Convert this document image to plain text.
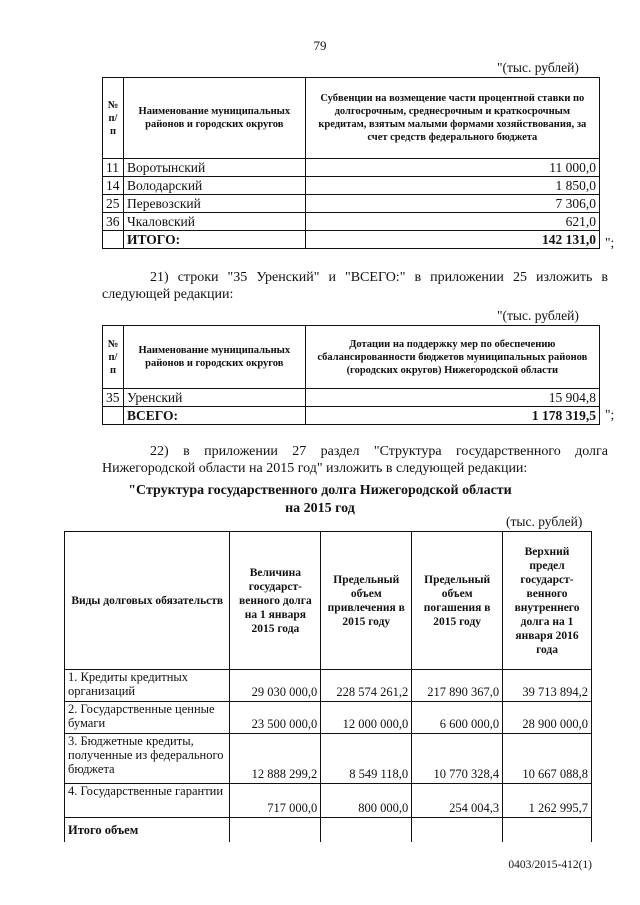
79
"(тыс. рублей)
№ п/п	Наименование муниципальных районов и городских округов	Субвенции на возмещение части процентной ставки по долгосрочным, среднесрочным и краткосрочным кредитам, взятым малыми формами хозяйствования, за счет средств федерального бюджета
11	Воротынский	11 000,0
14	Володарский	1 850,0
25	Перевозский	7 306,0
36	Чкаловский	621,0
	ИТОГО:	142 131,0 ";
21) строки "35 Уренский" и "ВСЕГО:" в приложении 25 изложить в следующей редакции:
"(тыс. рублей)
№ п/п	Наименование муниципальных районов и городских округов	Дотации на поддержку мер по обеспечению сбалансированности бюджетов муниципальных районов (городских округов) Нижегородской области
35	Уренский	15 904,8
	ВСЕГО:	1 178 319,5 ";
22) в приложении 27 раздел "Структура государственного долга Нижегородской области на 2015 год" изложить в следующей редакции:
"Структура государственного долга Нижегородской области
на 2015 год
(тыс. рублей)
Виды долговых обязательств	Величина государст-венного долга на 1 января 2015 года	Предельный объем привлечения в 2015 году	Предельный объем погашения в 2015 году	Верхний предел государст-венного внутреннего долга на 1 января 2016 года
1. Кредиты кредитных организаций	29 030 000,0	228 574 261,2	217 890 367,0	39 713 894,2
2. Государственные ценные бумаги	23 500 000,0	12 000 000,0	6 600 000,0	28 900 000,0
3. Бюджетные кредиты, полученные из федерального бюджета	12 888 299,2	8 549 118,0	10 770 328,4	10 667 088,8
4. Государственные гарантии	717 000,0	800 000,0	254 004,3	1 262 995,7
Итого объем				
0403/2015-412(1)
